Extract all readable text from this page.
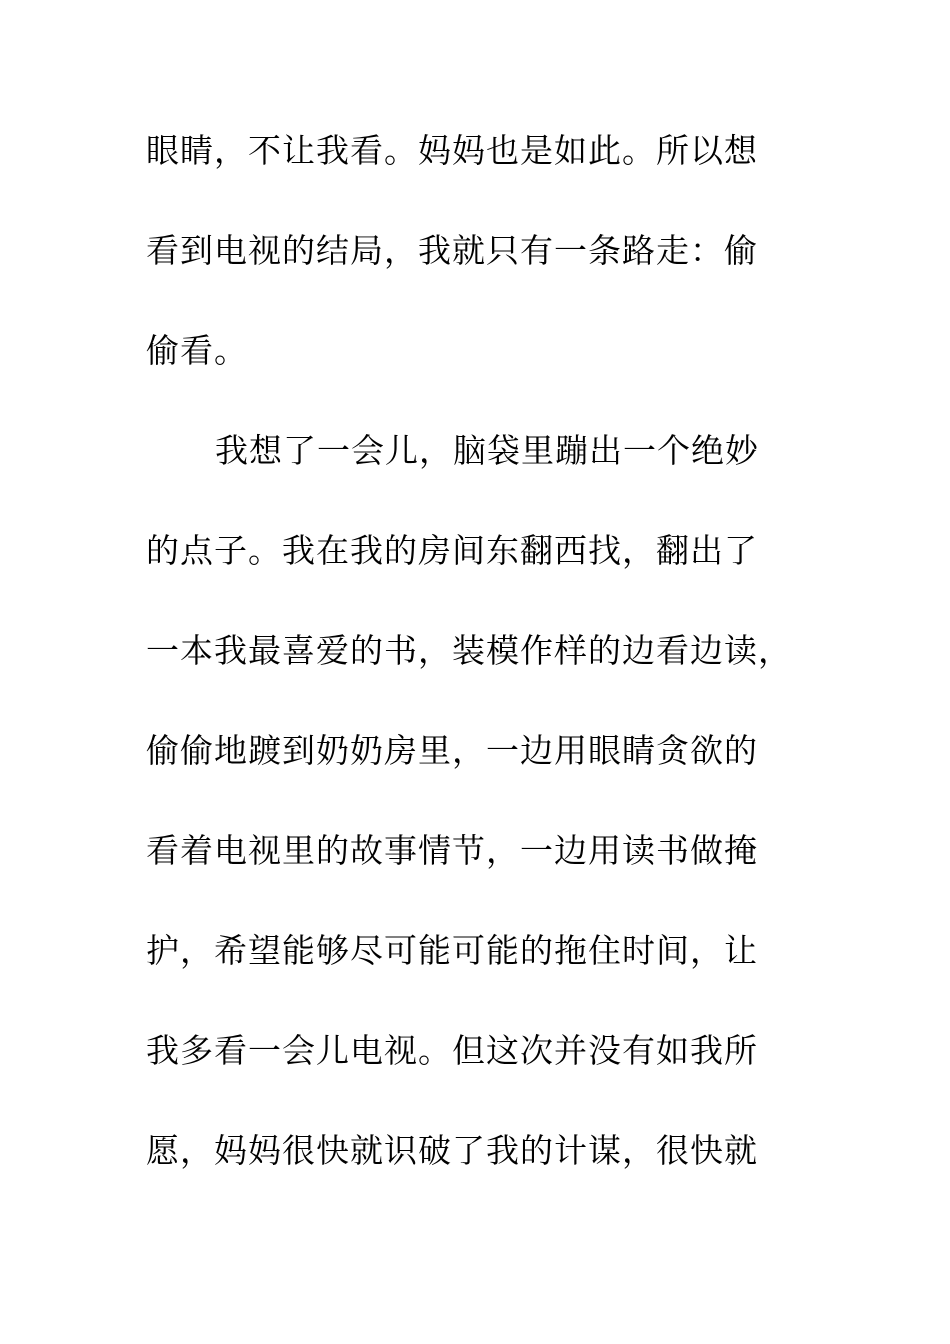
眼睛，不让我看。妈妈也是如此。所以想
看到电视的结局，我就只有一条路走：偷
偷看。
我想了一会儿，脑袋里蹦出一个绝妙
的点子。我在我的房间东翻西找，翻出了
一本我最喜爱的书，装模作样的边看边读，
偷偷地踱到奶奶房里，一边用眼睛贪欲的
看着电视里的故事情节，一边用读书做掩
护，希望能够尽可能可能的拖住时间，让
我多看一会儿电视。但这次并没有如我所
愿，妈妈很快就识破了我的计谋，很快就
